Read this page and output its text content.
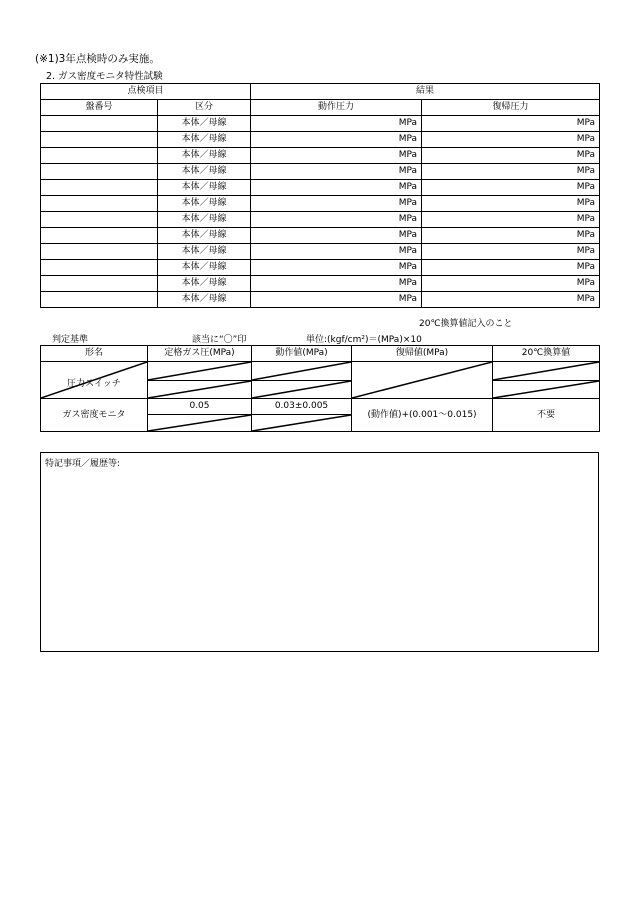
(※1)3年点検時のみ実施。
2. ガス密度モニタ特性試験
点検項目		結果	
盤番号	区分	動作圧力	復帰圧力
	本体／母線	MPa	MPa
	本体／母線	MPa	MPa
	本体／母線	MPa	MPa
	本体／母線	MPa	MPa
	本体／母線	MPa	MPa
	本体／母線	MPa	MPa
	本体／母線	MPa	MPa
	本体／母線	MPa	MPa
	本体／母線	MPa	MPa
	本体／母線	MPa	MPa
	本体／母線	MPa	MPa
	本体／母線	MPa	MPa
20℃換算値記入のこと
判定基準	該当に“〇”印	単位:(kgf/cm²)＝(MPa)×10
形名	定格ガス圧(MPa)	動作値(MPa)	復帰値(MPa)	20℃換算値

圧力スイッチ

ガス密度モニタ	0.05	0.03±0.005	(動作値)+(0.001～0.015)	不要

特記事項／履歴等:
